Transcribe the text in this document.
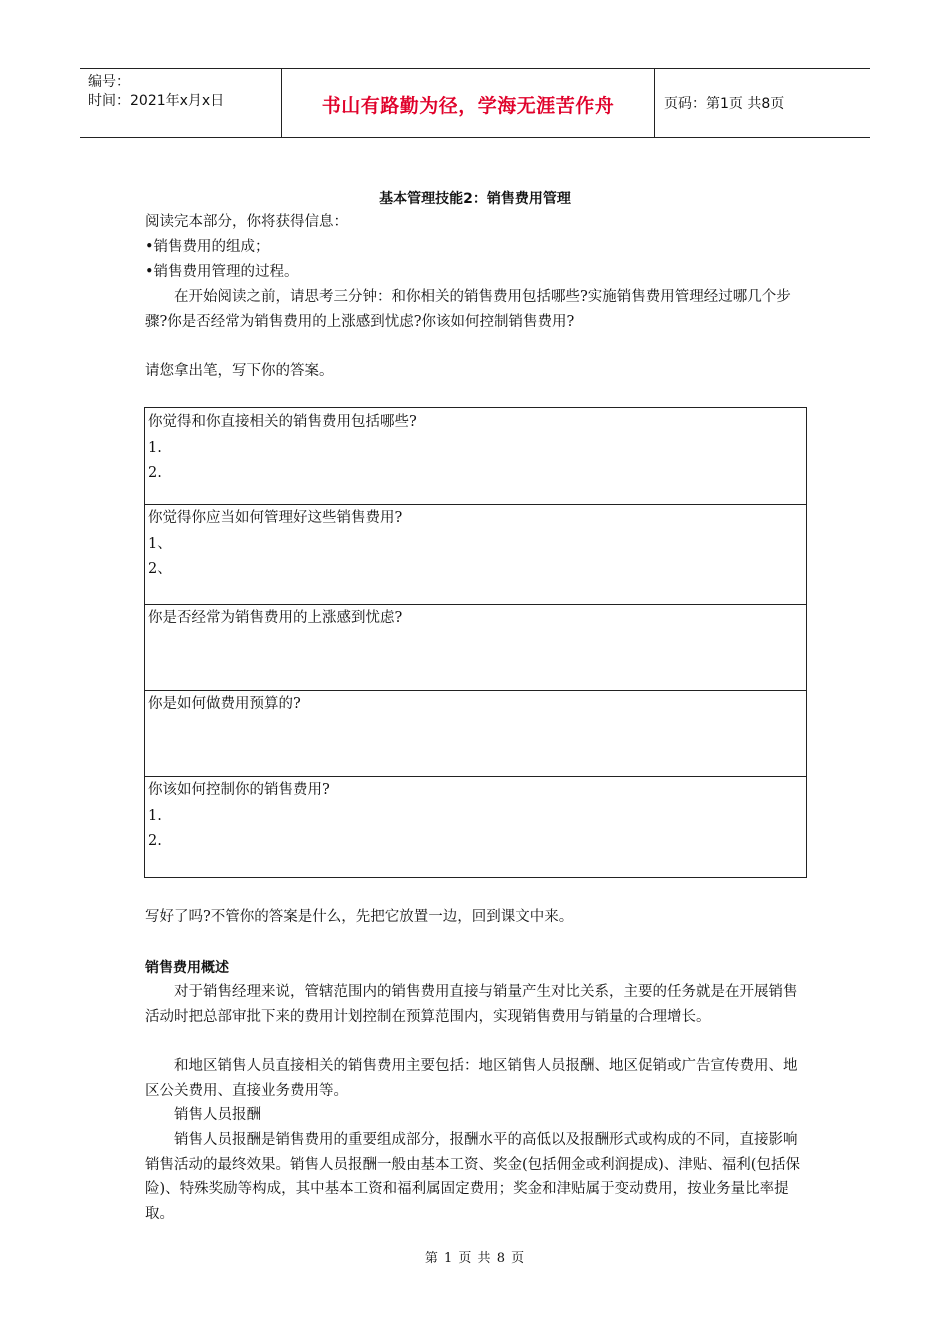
编号：
时间：2021年x月x日	书山有路勤为径，学海无涯苦作舟	页码：第1页 共8页
基本管理技能2：销售费用管理
阅读完本部分，你将获得信息：
•销售费用的组成；
•销售费用管理的过程。
在开始阅读之前，请思考三分钟：和你相关的销售费用包括哪些?实施销售费用管理经过哪几个步骤?你是否经常为销售费用的上涨感到忧虑?你该如何控制销售费用?
请您拿出笔，写下你的答案。
你觉得和你直接相关的销售费用包括哪些?
1.
2.
你觉得你应当如何管理好这些销售费用?
1、
2、
你是否经常为销售费用的上涨感到忧虑?
你是如何做费用预算的?
你该如何控制你的销售费用?
1.
2.
写好了吗?不管你的答案是什么，先把它放置一边，回到课文中来。
销售费用概述
对于销售经理来说，管辖范围内的销售费用直接与销量产生对比关系，主要的任务就是在开展销售活动时把总部审批下来的费用计划控制在预算范围内，实现销售费用与销量的合理增长。
和地区销售人员直接相关的销售费用主要包括：地区销售人员报酬、地区促销或广告宣传费用、地区公关费用、直接业务费用等。
销售人员报酬
销售人员报酬是销售费用的重要组成部分，报酬水平的高低以及报酬形式或构成的不同，直接影响销售活动的最终效果。销售人员报酬一般由基本工资、奖金(包括佣金或利润提成)、津贴、福利(包括保险)、特殊奖励等构成，其中基本工资和福利属固定费用；奖金和津贴属于变动费用，按业务量比率提取。
第 1 页 共 8 页
